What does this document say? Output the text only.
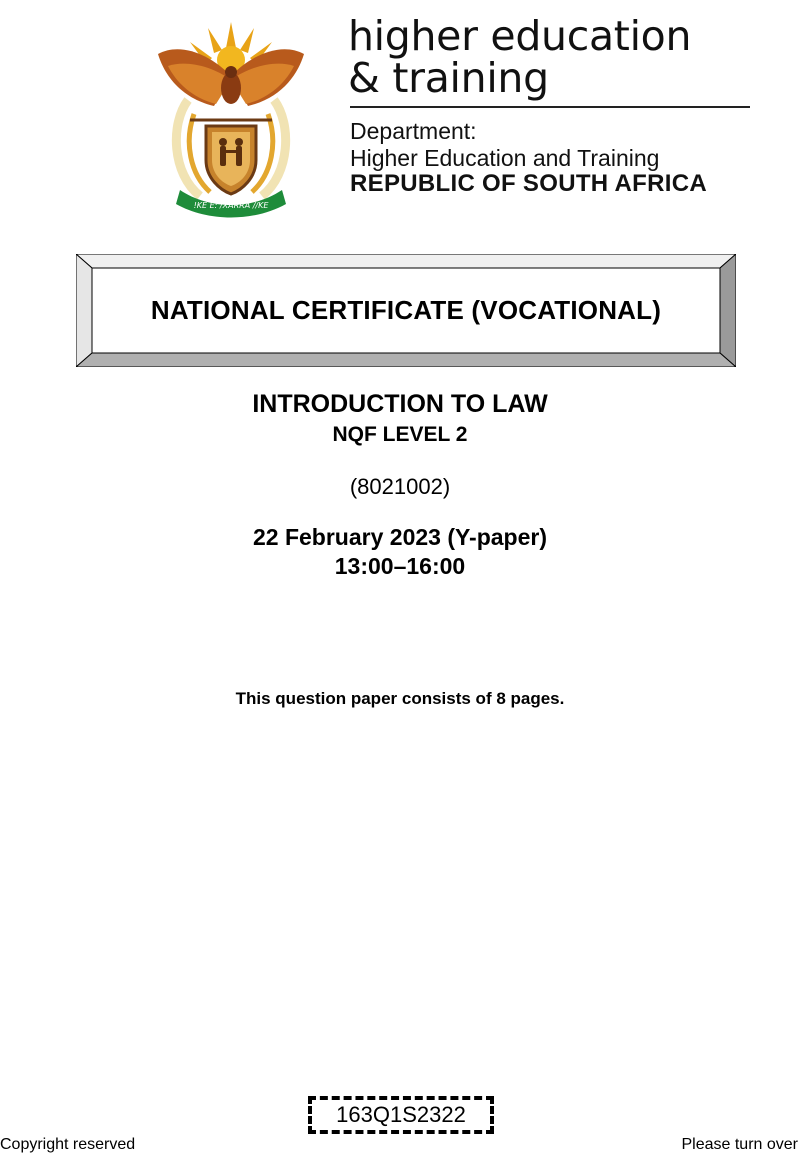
!KE E: /XARRA //KE
higher education
& training
Department:
Higher Education and Training
REPUBLIC OF SOUTH AFRICA
NATIONAL CERTIFICATE (VOCATIONAL)
INTRODUCTION TO LAW
NQF LEVEL 2
(8021002)
22 February 2023 (Y-paper)
13:00–16:00
This question paper consists of 8 pages.
163Q1S2322
Copyright reserved	Please turn over
